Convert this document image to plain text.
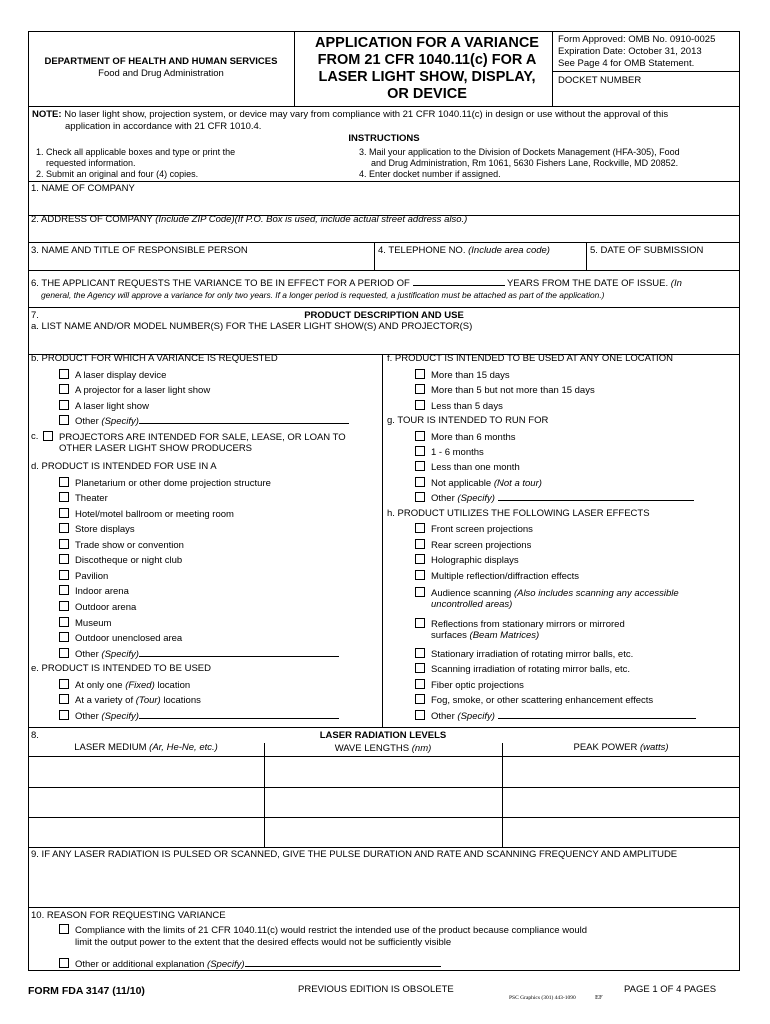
DEPARTMENT OF HEALTH AND HUMAN SERVICES
Food and Drug Administration
APPLICATION FOR A VARIANCE
FROM 21 CFR 1040.11(c) FOR A
LASER LIGHT SHOW, DISPLAY,
OR DEVICE
Form Approved: OMB No. 0910-0025
Expiration Date: October 31, 2013
See Page 4 for OMB Statement.
DOCKET NUMBER
NOTE: No laser light show, projection system, or device may vary from compliance with 21 CFR 1040.11(c) in design or use without the approval of this
application in accordance with 21 CFR 1010.4.
INSTRUCTIONS
1. Check all applicable boxes and type or print the
requested information.
2. Submit an original and four (4) copies.
3. Mail your application to the Division of Dockets Management (HFA-305), Food
and Drug Administration, Rm 1061, 5630 Fishers Lane, Rockville, MD 20852.
4. Enter docket number if assigned.
1. NAME OF COMPANY
2. ADDRESS OF COMPANY (Include ZIP Code)(If P.O. Box is used, include actual street address also.)
3. NAME AND TITLE OF RESPONSIBLE PERSON	4. TELEPHONE NO. (Include area code)	5. DATE OF SUBMISSION
6. THE APPLICANT REQUESTS THE VARIANCE TO BE IN EFFECT FOR A PERIOD OF	YEARS FROM THE DATE OF ISSUE. (In
general, the Agency will approve a variance for only two years. If a longer period is requested, a justification must be attached as part of the application.)
7.	PRODUCT DESCRIPTION AND USE
a. LIST NAME AND/OR MODEL NUMBER(S) FOR THE LASER LIGHT SHOW(S) AND PROJECTOR(S)
b. PRODUCT FOR WHICH A VARIANCE IS REQUESTED
A laser display device
A projector for a laser light show
A laser light show
Other (Specify)
c.	PROJECTORS ARE INTENDED FOR SALE, LEASE, OR LOAN TO
OTHER LASER LIGHT SHOW PRODUCERS
d. PRODUCT IS INTENDED FOR USE IN A
Planetarium or other dome projection structure
Theater
Hotel/motel ballroom or meeting room
Store displays
Trade show or convention
Discotheque or night club
Pavilion
Indoor arena
Outdoor arena
Museum
Outdoor unenclosed area
Other (Specify)
e. PRODUCT IS INTENDED TO BE USED
At only one (Fixed) location
At a variety of (Tour) locations
Other (Specify)
f. PRODUCT IS INTENDED TO BE USED AT ANY ONE LOCATION
More than 15 days
More than 5 but not more than 15 days
Less than 5 days
g. TOUR IS INTENDED TO RUN FOR
More than 6 months
1 - 6 months
Less than one month
Not applicable (Not a tour)
Other (Specify)
h. PRODUCT UTILIZES THE FOLLOWING LASER EFFECTS
Front screen projections
Rear screen projections
Holographic displays
Multiple reflection/diffraction effects
Audience scanning (Also includes scanning any accessible
uncontrolled areas)
Reflections from stationary mirrors or mirrored
surfaces (Beam Matrices)
Stationary irradiation of rotating mirror balls, etc.
Scanning irradiation of rotating mirror balls, etc.
Fiber optic projections
Fog, smoke, or other scattering enhancement effects
Other (Specify)
8.	LASER RADIATION LEVELS
LASER MEDIUM (Ar, He-Ne, etc.)	WAVE LENGTHS (nm)	PEAK POWER (watts)
9. IF ANY LASER RADIATION IS PULSED OR SCANNED, GIVE THE PULSE DURATION AND RATE AND SCANNING FREQUENCY AND AMPLITUDE
10. REASON FOR REQUESTING VARIANCE
Compliance with the limits of 21 CFR 1040.11(c) would restrict the intended use of the product because compliance would
limit the output power to the extent that the desired effects would not be sufficiently visible
Other or additional explanation (Specify)
FORM FDA 3147 (11/10)	PREVIOUS EDITION IS OBSOLETE	PAGE 1 OF 4 PAGES
PSC Graphics (301) 443-1090	EF
